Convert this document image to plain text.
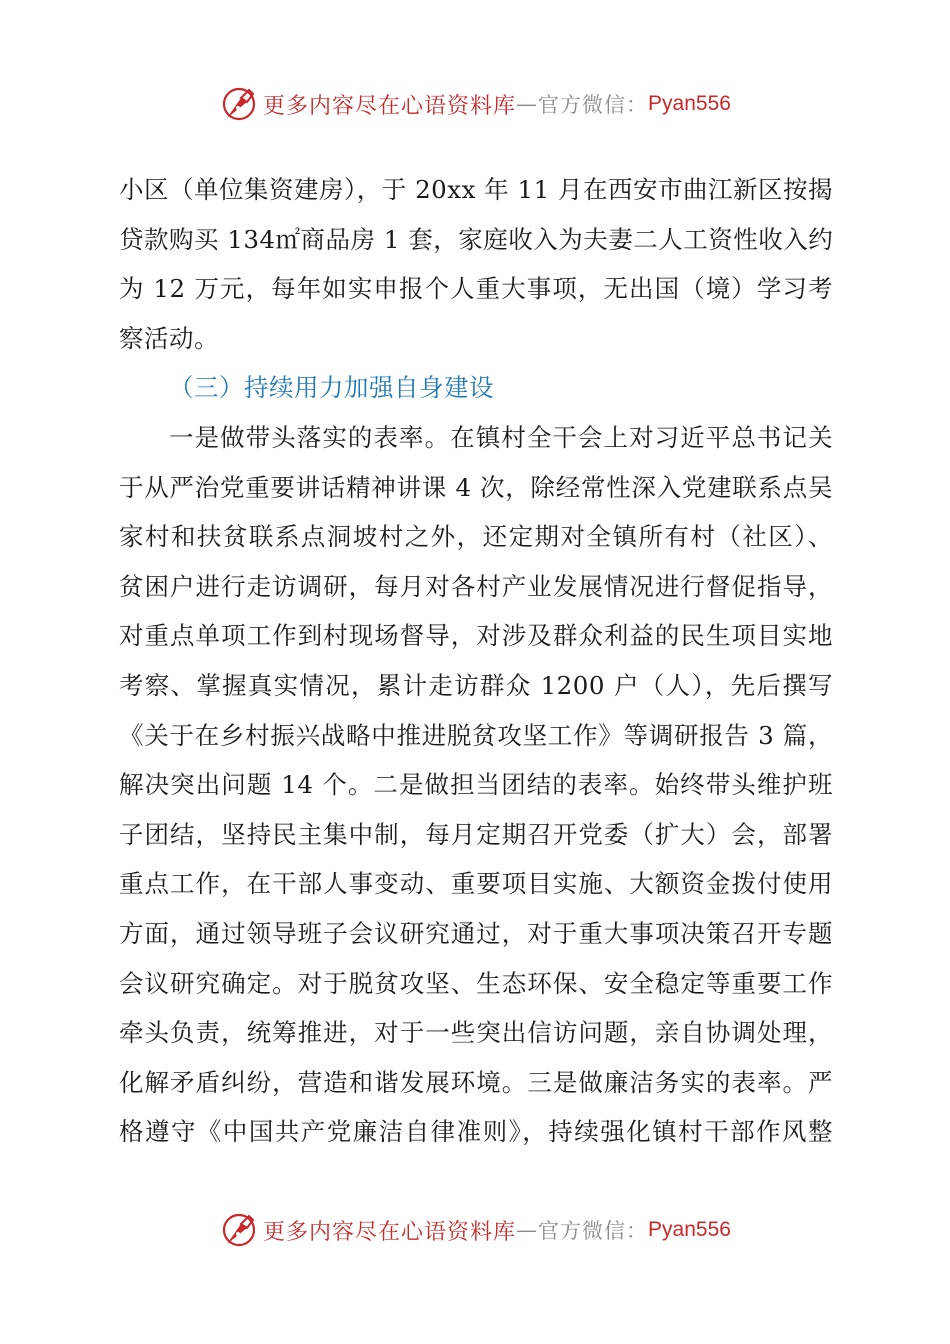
更多内容尽在心语资料库 — 官方微信： Pyan556
小区（单位集资建房），于 20xx 年 11 月在西安市曲江新区按揭
贷款购买 134㎡商品房 1 套，家庭收入为夫妻二人工资性收入约
为 12 万元，每年如实申报个人重大事项，无出国（境）学习考
察活动。
（三）持续用力加强自身建设
一是做带头落实的表率。在镇村全干会上对习近平总书记关
于从严治党重要讲话精神讲课 4 次，除经常性深入党建联系点吴
家村和扶贫联系点洞坡村之外，还定期对全镇所有村（社区）、
贫困户进行走访调研，每月对各村产业发展情况进行督促指导，
对重点单项工作到村现场督导，对涉及群众利益的民生项目实地
考察、掌握真实情况，累计走访群众 1200 户（人），先后撰写
《关于在乡村振兴战略中推进脱贫攻坚工作》等调研报告 3 篇，
解决突出问题 14 个。二是做担当团结的表率。始终带头维护班
子团结，坚持民主集中制，每月定期召开党委（扩大）会，部署
重点工作，在干部人事变动、重要项目实施、大额资金拨付使用
方面，通过领导班子会议研究通过，对于重大事项决策召开专题
会议研究确定。对于脱贫攻坚、生态环保、安全稳定等重要工作
牵头负责，统筹推进，对于一些突出信访问题，亲自协调处理，
化解矛盾纠纷，营造和谐发展环境。三是做廉洁务实的表率。严
格遵守《中国共产党廉洁自律准则》，持续强化镇村干部作风整
更多内容尽在心语资料库 — 官方微信： Pyan556
